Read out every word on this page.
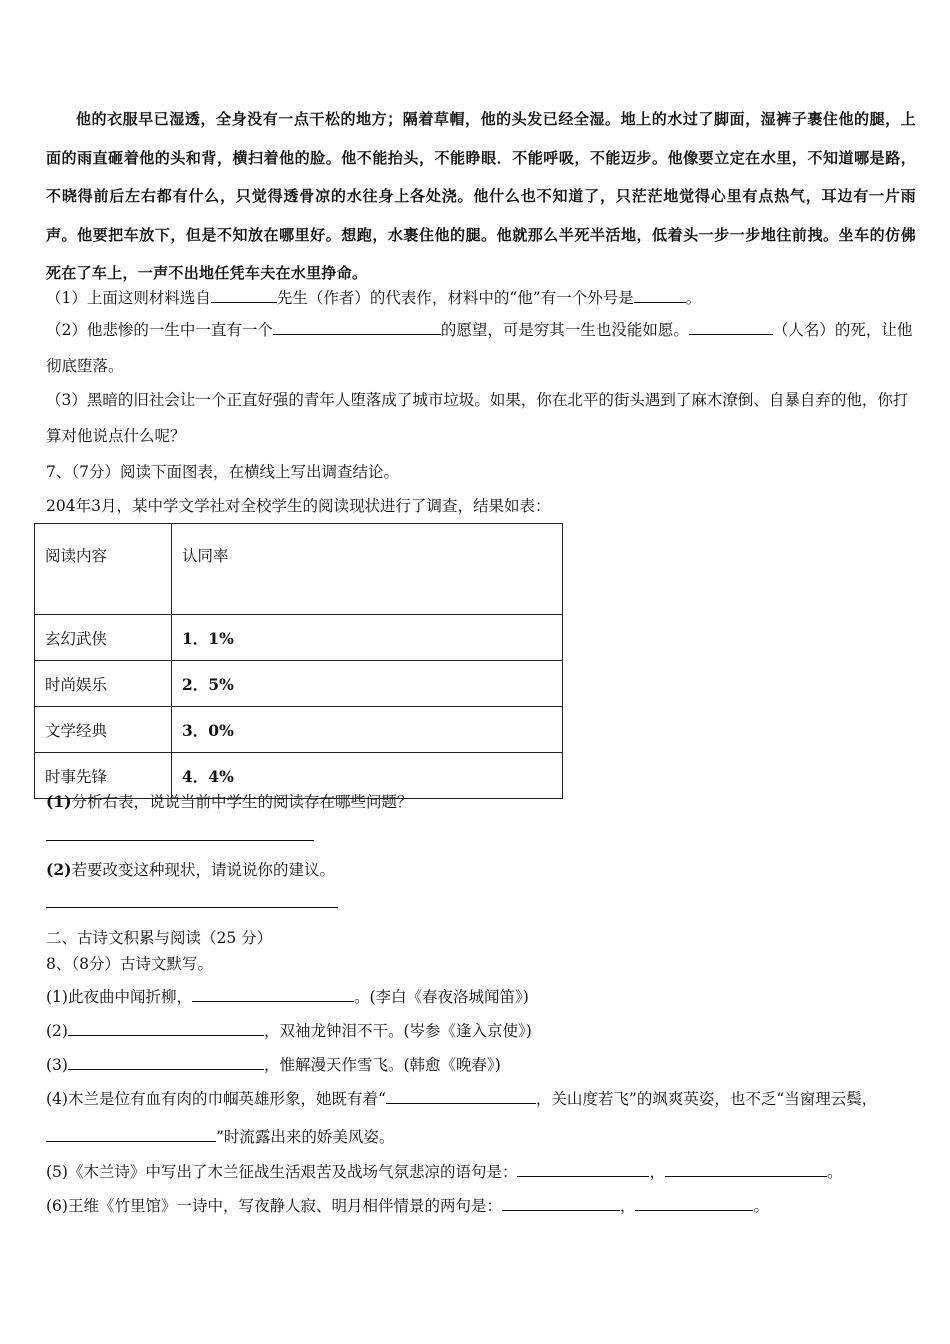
他的衣服早已湿透，全身没有一点干松的地方；隔着草帽，他的头发已经全湿。地上的水过了脚面，湿裤子裹住他的腿，上面的雨直砸着他的头和背，横扫着他的脸。他不能抬头，不能睁眼．不能呼吸，不能迈步。他像要立定在水里，不知道哪是路，不晓得前后左右都有什么，只觉得透骨凉的水往身上各处浇。他什么也不知道了，只茫茫地觉得心里有点热气，耳边有一片雨声。他要把车放下，但是不知放在哪里好。想跑，水裹住他的腿。他就那么半死半活地，低着头一步一步地往前拽。坐车的仿佛死在了车上，一声不出地任凭车夫在水里挣命。
（1）上面这则材料选自	先生（作者）的代表作，材料中的“他”有一个外号是	。
（2）他悲惨的一生中一直有一个	的愿望，可是穷其一生也没能如愿。	（人名）的死，让他彻底堕落。
（3）黑暗的旧社会让一个正直好强的青年人堕落成了城市垃圾。如果，你在北平的街头遇到了麻木潦倒、自暴自弃的他，你打算对他说点什么呢？
7、（7分）阅读下面图表，在横线上写出调查结论。
204年3月，某中学文学社对全校学生的阅读现状进行了调查，结果如表：
阅读内容	认同率
玄幻武侠	1．1%
时尚娱乐	2．5%
文学经典	3．0%
时事先锋	4．4%
(1)分析右表，说说当前中学生的阅读存在哪些问题？
(2)若要改变这种现状，请说说你的建议。
二、古诗文积累与阅读（25 分）
8、（8分）古诗文默写。
(1)此夜曲中闻折柳，	。(李白《春夜洛城闻笛》)
(2)	，双袖龙钟泪不干。(岑参《逢入京使》)
(3)	，惟解漫天作雪飞。(韩愈《晚春》)
(4)木兰是位有血有肉的巾帼英雄形象，她既有着“	，关山度若飞”的飒爽英姿，也不乏“当窗理云鬓，”时流露出来的娇美风姿。
(5)《木兰诗》中写出了木兰征战生活艰苦及战场气氛悲凉的语句是：	，	。
(6)王维《竹里馆》一诗中，写夜静人寂、明月相伴情景的两句是：	，	。
